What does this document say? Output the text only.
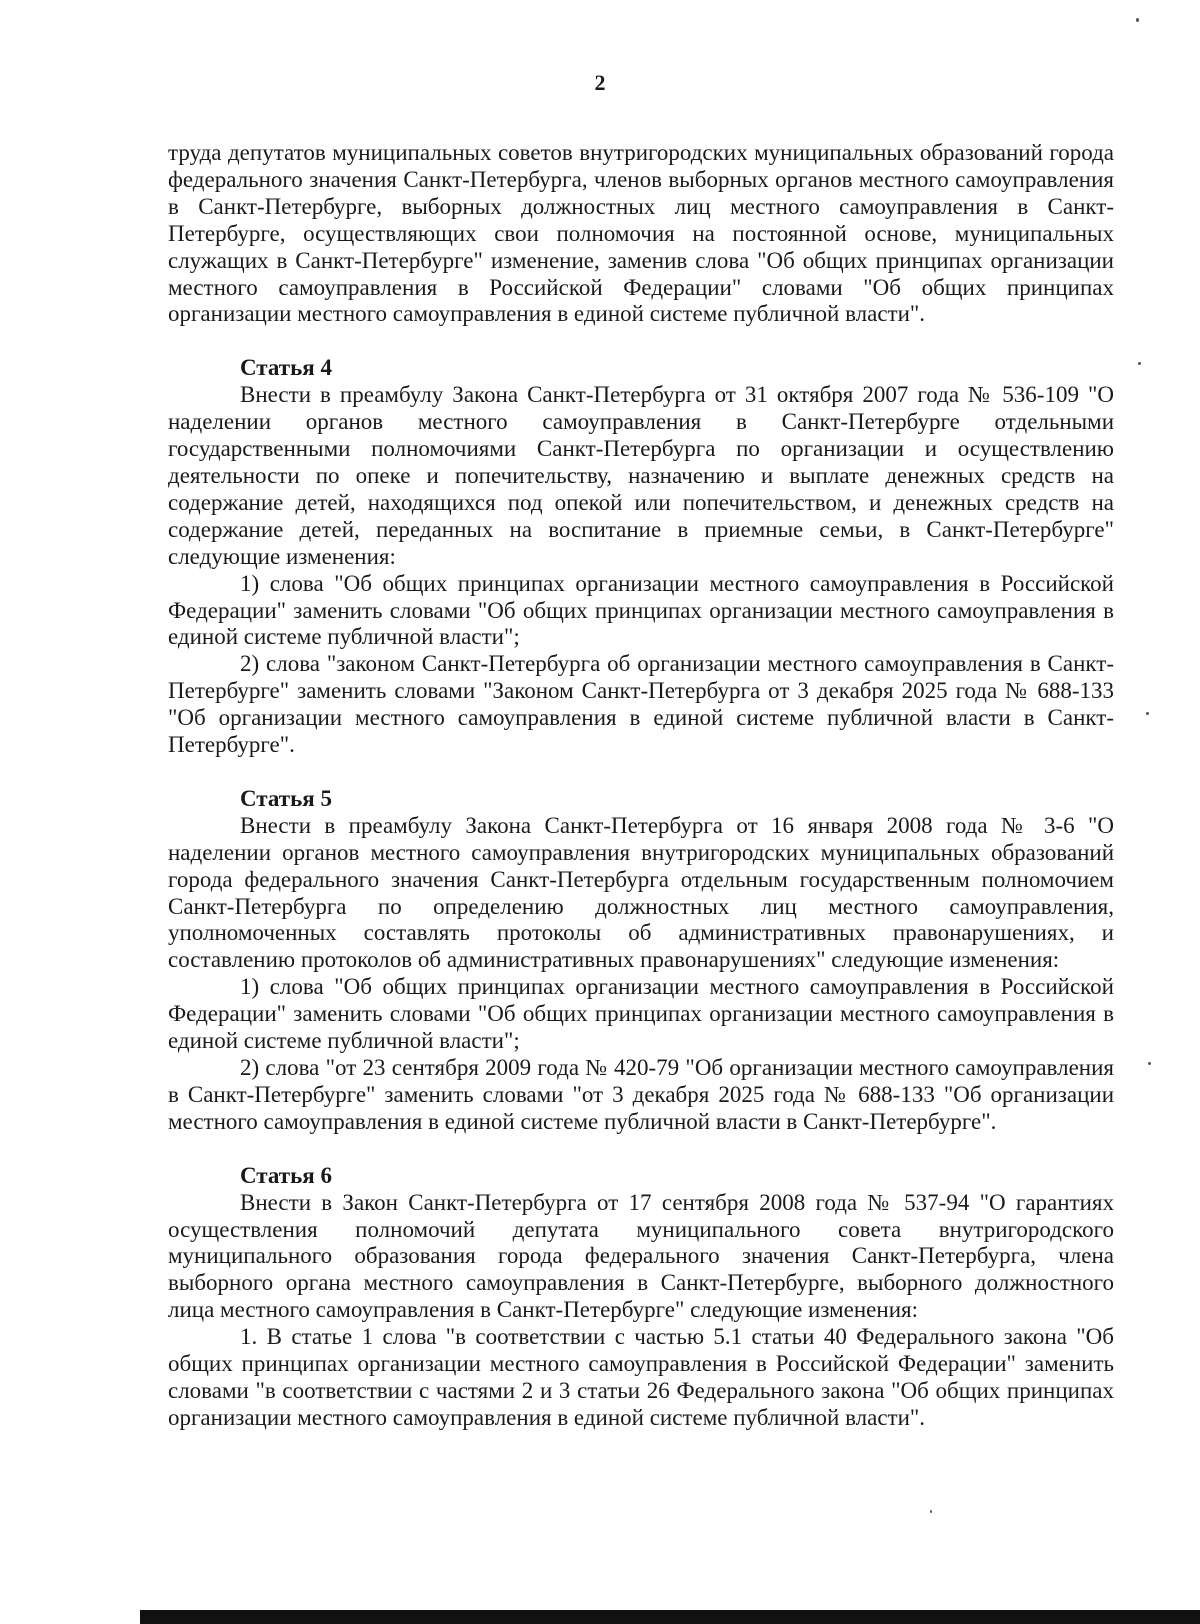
2

труда депутатов муниципальных советов внутригородских муниципальных образований города федерального значения Санкт-Петербурга, членов выборных органов местного самоуправления в Санкт-Петербурге, выборных должностных лиц местного самоуправления в Санкт-Петербурге, осуществляющих свои полномочия на постоянной основе, муниципальных служащих в Санкт-Петербурге" изменение, заменив слова "Об общих принципах организации местного самоуправления в Российской Федерации" словами "Об общих принципах организации местного самоуправления в единой системе публичной власти".

Статья 4

Внести в преамбулу Закона Санкт-Петербурга от 31 октября 2007 года № 536-109 "О наделении органов местного самоуправления в Санкт-Петербурге отдельными государственными полномочиями Санкт-Петербурга по организации и осуществлению деятельности по опеке и попечительству, назначению и выплате денежных средств на содержание детей, находящихся под опекой или попечительством, и денежных средств на содержание детей, переданных на воспитание в приемные семьи, в Санкт-Петербурге" следующие изменения:

1) слова "Об общих принципах организации местного самоуправления в Российской Федерации" заменить словами "Об общих принципах организации местного самоуправления в единой системе публичной власти";

2) слова "законом Санкт-Петербурга об организации местного самоуправления в Санкт-Петербурге" заменить словами "Законом Санкт-Петербурга от 3 декабря 2025 года № 688-133 "Об организации местного самоуправления в единой системе публичной власти в Санкт-Петербурге".

Статья 5

Внести в преамбулу Закона Санкт-Петербурга от 16 января 2008 года № 3-6 "О наделении органов местного самоуправления внутригородских муниципальных образований города федерального значения Санкт-Петербурга отдельным государственным полномочием Санкт-Петербурга по определению должностных лиц местного самоуправления, уполномоченных составлять протоколы об административных правонарушениях, и составлению протоколов об административных правонарушениях" следующие изменения:

1) слова "Об общих принципах организации местного самоуправления в Российской Федерации" заменить словами "Об общих принципах организации местного самоуправления в единой системе публичной власти";

2) слова "от 23 сентября 2009 года № 420-79 "Об организации местного самоуправления в Санкт-Петербурге" заменить словами "от 3 декабря 2025 года № 688-133 "Об организации местного самоуправления в единой системе публичной власти в Санкт-Петербурге".

Статья 6

Внести в Закон Санкт-Петербурга от 17 сентября 2008 года № 537-94 "О гарантиях осуществления полномочий депутата муниципального совета внутригородского муниципального образования города федерального значения Санкт-Петербурга, члена выборного органа местного самоуправления в Санкт-Петербурге, выборного должностного лица местного самоуправления в Санкт-Петербурге" следующие изменения:

1. В статье 1 слова "в соответствии с частью 5.1 статьи 40 Федерального закона "Об общих принципах организации местного самоуправления в Российской Федерации" заменить словами "в соответствии с частями 2 и 3 статьи 26 Федерального закона "Об общих принципах организации местного самоуправления в единой системе публичной власти".
